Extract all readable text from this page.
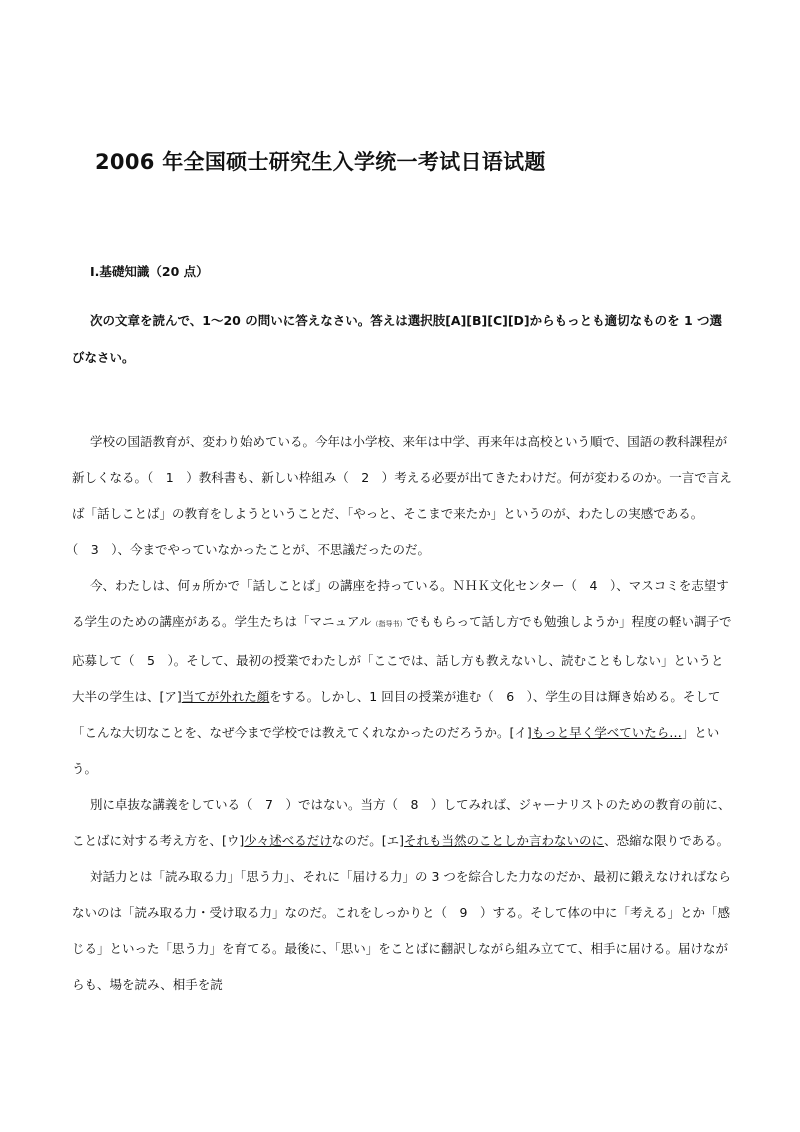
2006 年全国硕士研究生入学统一考试日语试题
I.基礎知識（20 点）
次の文章を読んで、1～20 の問いに答えなさい。答えは選択肢[A][B][C][D]からもっとも適切なものを 1 つ選びなさい。

学校の国語教育が、変わり始めている。今年は小学校、来年は中学、再来年は高校という順で、国語の教科課程が新しくなる。（　1　）教科書も、新しい枠組み（　2　）考える必要が出てきたわけだ。何が変わるのか。一言で言えば「話しことば」の教育をしようということだ、「やっと、そこまで来たか」というのが、わたしの実感である。（　3　）、今までやっていなかったことが、不思議だったのだ。

今、わたしは、何ヵ所かで「話しことば」の講座を持っている。ＮＨＫ文化センター（　4　）、マスコミを志望する学生のための講座がある。学生たちは「マニュアル（指导书）でももらって話し方でも勉強しようか」程度の軽い調子で応募して（　5　）。そして、最初の授業でわたしが「ここでは、話し方も教えないし、読むこともしない」というと大半の学生は、[ア]当てが外れた顔をする。しかし、1 回目の授業が進む（　6　）、学生の目は輝き始める。そして「こんな大切なことを、なぜ今まで学校では教えてくれなかったのだろうか。[イ]もっと早く学べていたら…」という。

別に卓抜な講義をしている（　7　）ではない。当方（　8　）してみれば、ジャーナリストのための教育の前に、ことばに対する考え方を、[ウ]少々述べるだけなのだ。[エ]それも当然のことしか言わないのに、恐縮な限りである。

対話力とは「読み取る力」「思う力」、それに「届ける力」の 3 つを綜合した力なのだか、最初に鍛えなければならないのは「読み取る力・受け取る力」なのだ。これをしっかりと（　9　）する。そして体の中に「考える」とか「感じる」といった「思う力」を育てる。最後に、「思い」をことばに翻訳しながら組み立てて、相手に届ける。届けながらも、場を読み、相手を読
